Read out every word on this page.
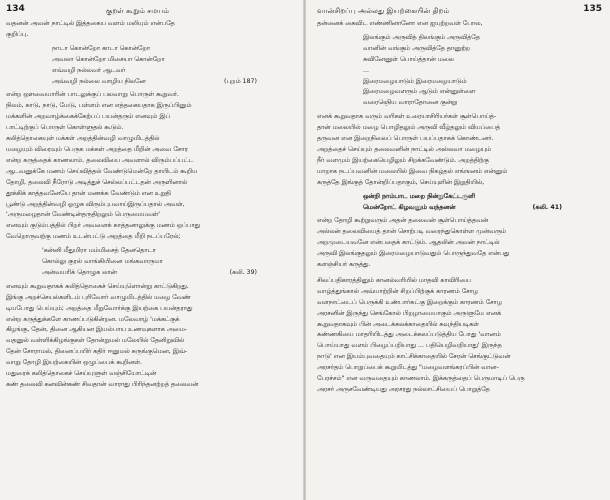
134	குறள் கூறும் சமயம்

வதனன் அவன் நாட்டில் இத்தகைய வளம் மலியும் என்பதே
குறிப்பு.

நாடா கொன்றோ காடா கொன்றோ
அவலா கொன்றோ மிசையா கொன்றோ
எவ்வழி நல்லவர் ஆடவர்
அவ்வழி நல்லை வாழிய நிலனே	(புறம் 187)

என்ற ஔவையாரின் பாடலுக்குப் பலவாறு பொருள் கூறுவர்.
நிலம், காடு, நாடு, மேடு, பள்ளம் என எத்தகையதாக இருப்பினும்
மக்களின் அறவாழ்க்கைக்கேற்பப் பயன்தரும் எனவும் இப்
பாட்டிற்குப் பொருள் கொள்ளுதல் கூடும்.

கலித்தொகையுள் மக்கள் அறத்தின்வழி வாழுமிடத்தில்
மழையும் விரைவும் பெருக மக்கள் அறத்தை மீறின் அவை சோர
என்ற கருத்தைக் காணலாம். தலைவியை அவளால் விரும்பப்பட்ட
ஆடவனுக்கே மணம் செய்வித்தல் வேண்டுமென்றே தாயிடம் கூறிய
தோழி, தலைவி நீரோடு அடித்துச் செல்லப்பட்டதன் அருளினால்
தூக்கிக் காத்தவனேயே தான் மணக்க வேண்டும் என உறுதி
பூண்டு அறத்தின்வழி ஓழுக விரும்புபவாய்இருப்பதால் அவள்,

'அருமழைதான் வேண்டின்தருதிறலும் பெருமையவள்'

எனவும் குடும்பத்தில் பிறர் அவளைக் காத்தனாலுக்கு மணம் ஒப்பாது
வேறொருவற்கு மணம் உடன்பட்டு அறத்தை மீறி நடப்பரேல்;

'கன்னி மீதுமிரா மம்மிசைத் தேனதொடா
கொல்லு குரல் வாங்கியினை மங்கவாருமா
அன்வயரிக் தொழுக லான்	(கலி. 39)

எனவும் கூறுவதாகக் கலித்தொகைச் செய்யுளொன்று காட்டுகிறது.
இங்கு அறச்செயல்களிடம் புரிவோர் வாழுமிடத்தில் மழை வேண்
டியபோது பெய்யும்; அறத்தை மீறுவோர்க்கு இயற்கை பயன்தராது
என்ற கருத்துக்களே காணப்படுகின்றன. மலேவாழ் 'மக்கட்குக்
கிழங்கு, தேன், தினை ஆகியன இயல்பாய உணவுகளாக அமை-
வதனுல் வள்ளிக்கிழங்குகள் தோன்றுமல் மலேயில் தேனிறுவில்
தேன் சோராமல், தினைப்பயிர் கதிர் ஈனுமல் சுருங்குமென, இவ்-
வாறு தோழி இயற்கையின் ஒழுப்பைக் கூறினள்.

மதுரைக் கலித்தொகைச் செய்யுளுள் வஞ்சியோட்டின்
கண் தலைவி கனவின்கண் சிவதான் வாராது பிரிந்தனற்றத் தலைவன்

வான்சிறப்பு அல்லது இயற்கையின் திறம்	135

தன்னைக் கைவிட எண்ணினானோ என ஐயுற்றவள் போல,

இலங்கும் அருவித் திலங்கும் அருவித்தே
வானின் வங்கும் அருவித்தே தானுற்ற
சுவினேனுள் பொய்த்தான் மலை
...
இரைமழையாடும் இரைமழையாடும்
இரைமழைவளரும் ஆடும் என்னுள்ளை
வரைஞெிய வாராதோனை குன்று

எனக் கூறுவதாக வரும் வரிகள் உரையாசிரியர்கள் சூள்பொய்த்-
தான் மலையில் மழை பொழிதலும் அருவி வீழ்தலும் வியப்பைத்
தருவன என இறைநிலைப் பொருள் பயப்பதாகக் கொண்டனர்.
அறத்தைச் செய்யும் தலைவனின் நாட்டில் அல்லவா மழையும்
நீர் வளமும் இயற்கையெழிலும் சிறக்கவேண்டும். அறத்திற்கு
மாறாக நடப்பவனின் மலையில் இவை நிகழ்தல் எங்ஙனம் என்னும்
கருத்தே இங்குத் தோன்றிப்பதாகும், செய்யுளின் இறுதியில்,

ஒன்றி நாம்பாட மறை நின்றுகேட்டருளி
மென்றோட் கிழவனும் வந்தனன்	(கலி. 41)

என்ற தோழி கூற்றுவரும் அதன் தலைவன் சூள்பொய்த்தவன்
அல்லன் தலைவியைத் தான் சொற்படி வரைந்துகொள்ள முன்வரும்
அறமுடையவனே என்பதைக் காட்டும். ஆதலின் அவன் நாட்டில்
அருவி இலங்குதலும் இரைமழையாடுவதும் பொருந்துவதே என்பது
களஞ்சியர் கருத்து.

சிலப்பதிகாரத்தினும் கானல்வரியில் மாதவி காவிரியை
வாழ்த்துங்கால் அவ்யாற்றின் சிறப்பிற்குக் காரணம் சோழ
வளநாட்டைப் பெருக்கி உண்பார்கட்கு இறைக்கும் காரணம் சோழ
அரசனின் இருந்து செங்கோல் பிறழாமையாகும் அருளுமே எனக்
கூறுவதாகவும் பின் அடைக்கலக்காதையில் சுவுந்தியடிகள்
கண்ணகியை மாதரியிடத்து அடைக்கலப்படுத்திய போது 'வானம்
பொய்யாது வளம் பிழைப்பறியாது ... பதியெழிவறியாது' இருந்த
நாடு' என இயம்புவதையும் காட்சிக்காதையில் சேரன் செங்குட்டுவன்
அரசர்தம் பொறுப்பைக் கூறுமிடத்து "மழைவளங்கரப்பின் வான-
பேரச்சம்" என வருவதையும் காணலாம். இக்கருத்தைப் பெருமாடிப் பெரு
அரசர் அருசவேண்டியது அரசரது நல்லாட்சியைப் பொறுத்தே
